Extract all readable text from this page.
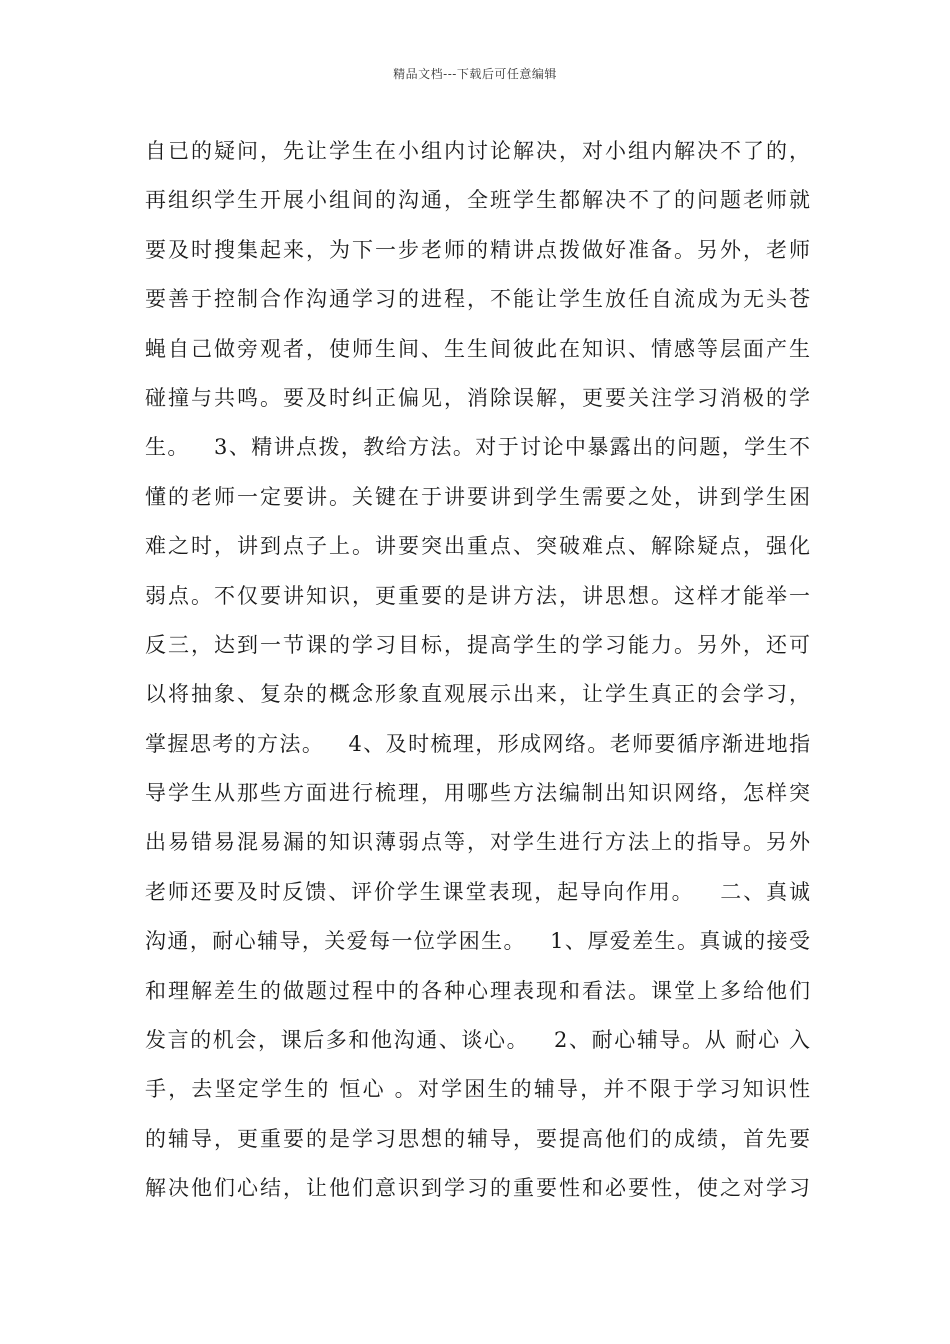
精品文档---下载后可任意编辑
自已的疑问，先让学生在小组内讨论解决，对小组内解决不了的，
再组织学生开展小组间的沟通，全班学生都解决不了的问题老师就
要及时搜集起来，为下一步老师的精讲点拨做好准备。另外，老师
要善于控制合作沟通学习的进程，不能让学生放任自流成为无头苍
蝇自己做旁观者，使师生间、生生间彼此在知识、情感等层面产生
碰撞与共鸣。要及时纠正偏见，消除误解，更要关注学习消极的学
生。   3、精讲点拨，教给方法。对于讨论中暴露出的问题，学生不
懂的老师一定要讲。关键在于讲要讲到学生需要之处，讲到学生困
难之时，讲到点子上。讲要突出重点、突破难点、解除疑点，强化
弱点。不仅要讲知识，更重要的是讲方法，讲思想。这样才能举一
反三，达到一节课的学习目标，提高学生的学习能力。另外，还可
以将抽象、复杂的概念形象直观展示出来，让学生真正的会学习，
掌握思考的方法。   4、及时梳理，形成网络。老师要循序渐进地指
导学生从那些方面进行梳理，用哪些方法编制出知识网络，怎样突
出易错易混易漏的知识薄弱点等，对学生进行方法上的指导。另外
老师还要及时反馈、评价学生课堂表现，起导向作用。   二、真诚
沟通，耐心辅导，关爱每一位学困生。   1、厚爱差生。真诚的接受
和理解差生的做题过程中的各种心理表现和看法。课堂上多给他们
发言的机会，课后多和他沟通、谈心。   2、耐心辅导。从 耐心 入
手，去坚定学生的 恒心 。对学困生的辅导，并不限于学习知识性
的辅导，更重要的是学习思想的辅导，要提高他们的成绩，首先要
解决他们心结，让他们意识到学习的重要性和必要性，使之对学习
